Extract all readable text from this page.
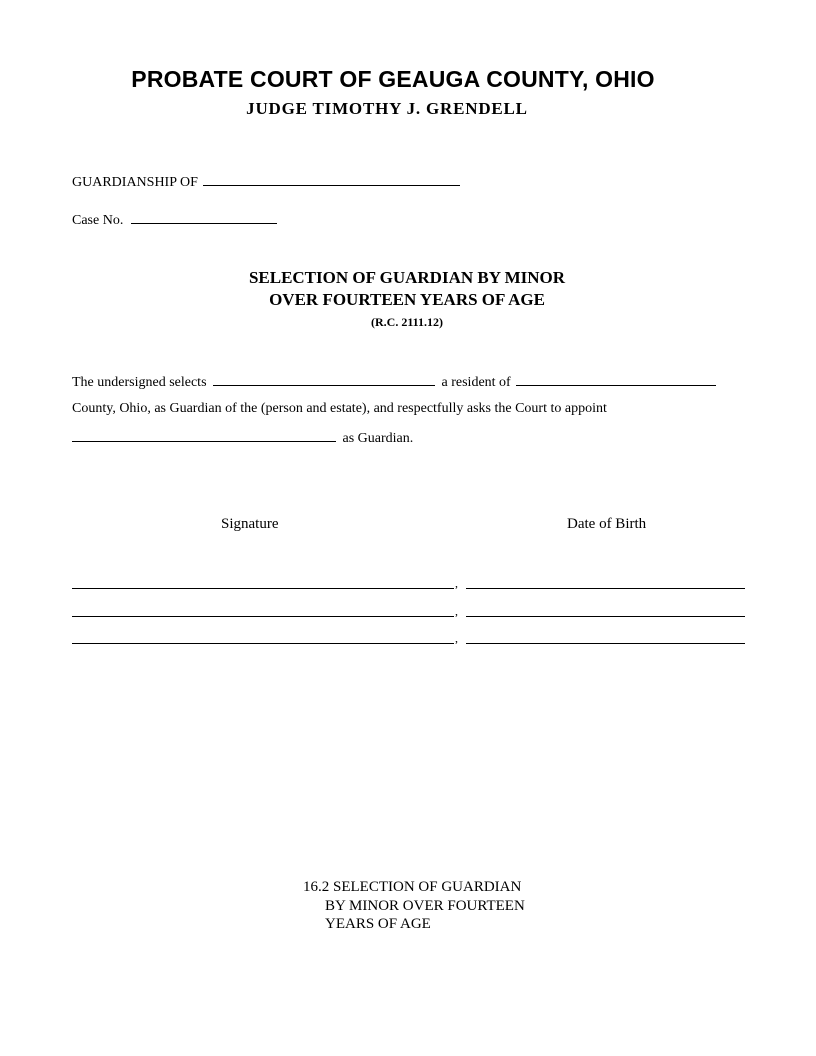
PROBATE COURT OF GEAUGA COUNTY, OHIO
JUDGE TIMOTHY J. GRENDELL
GUARDIANSHIP OF
Case No.
SELECTION OF GUARDIAN BY MINOR
OVER FOURTEEN YEARS OF AGE
(R.C. 2111.12)
The undersigned selects	a resident of
County, Ohio, as Guardian of the (person and estate), and respectfully asks the Court to appoint
as Guardian.
Signature	Date of Birth
,
,
,
16.2 SELECTION OF GUARDIAN
BY MINOR OVER FOURTEEN
YEARS OF AGE
